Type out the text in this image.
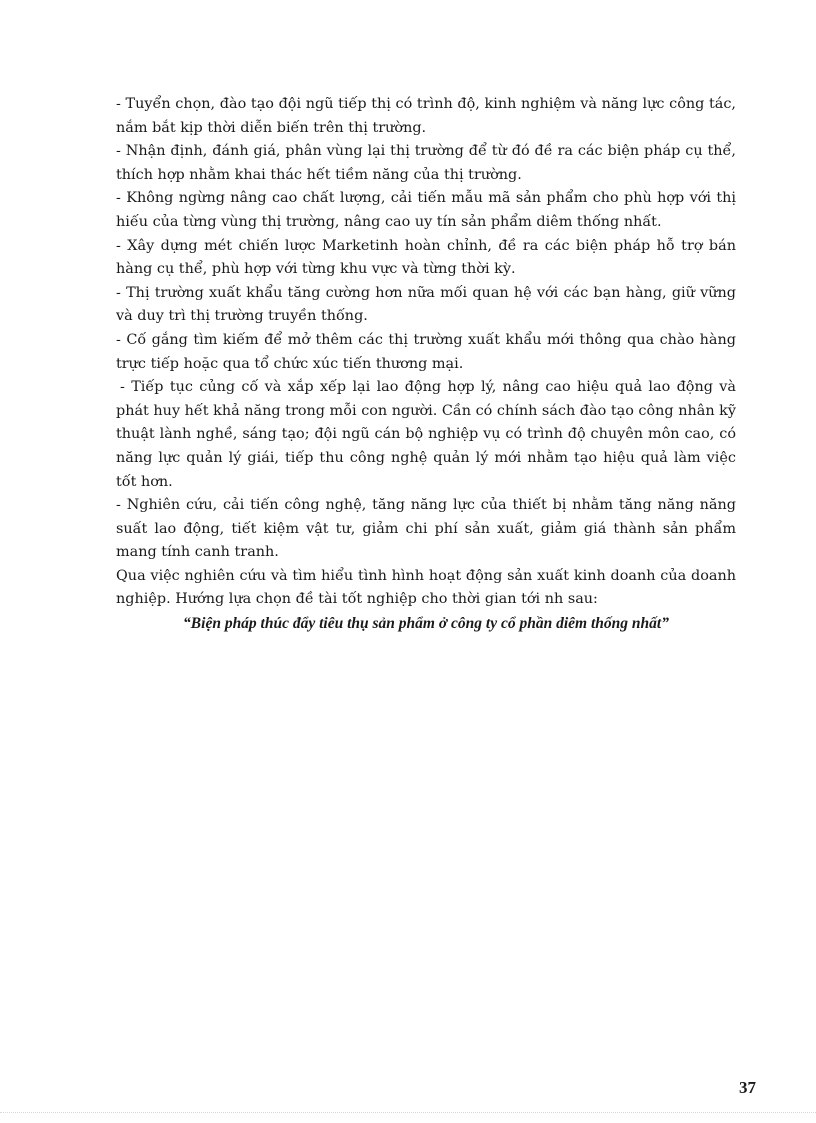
- Tuyển chọn, đào tạo đội ngũ tiếp thị có trình độ, kinh nghiệm và năng lực công tác, nắm bắt kịp thời diễn biến trên thị trường.

- Nhận định, đánh giá, phân vùng lại thị trường để từ đó đề ra các biện pháp cụ thể, thích hợp nhằm khai thác hết tiềm năng của thị trường.

- Không ngừng nâng cao chất lượng, cải tiến mẫu mã sản phẩm cho phù hợp với thị hiếu của từng vùng thị trường, nâng cao uy tín sản phẩm diêm thống nhất.

- Xây dựng mét chiến lược Marketinh hoàn chỉnh, đề ra các biện pháp hỗ trợ bán hàng cụ thể, phù hợp với từng khu vực và từng thời kỳ.

- Thị trường xuất khẩu tăng cường hơn nữa mối quan hệ với các bạn hàng, giữ vững và duy trì thị trường truyền thống.

- Cố gắng tìm kiếm để mở thêm các thị trường xuất khẩu mới thông qua chào hàng trực tiếp hoặc qua tổ chức xúc tiến thương mại.

- Tiếp tục củng cố và xắp xếp lại lao động hợp lý, nâng cao hiệu quả lao động và phát huy hết khả năng trong mỗi con người. Cần có chính sách đào tạo công nhân kỹ thuật lành nghề, sáng tạo; đội ngũ cán bộ nghiệp vụ có trình độ chuyên môn cao, có năng lực quản lý giái, tiếp thu công nghệ quản lý mới nhằm tạo hiệu quả làm việc tốt hơn.

- Nghiên cứu, cải tiến công nghệ, tăng năng lực của thiết bị nhằm tăng năng năng suất lao động, tiết kiệm vật tư, giảm chi phí sản xuất, giảm giá thành sản phẩm mang tính canh tranh.

Qua việc nghiên cứu và tìm hiểu tình hình hoạt động sản xuất kinh doanh của doanh nghiệp. Hướng lựa chọn đề tài tốt nghiệp cho thời gian tới nh sau:

“Biện pháp thúc đẩy tiêu thụ sản phẩm ở công ty cổ phần diêm thống nhất”

37
